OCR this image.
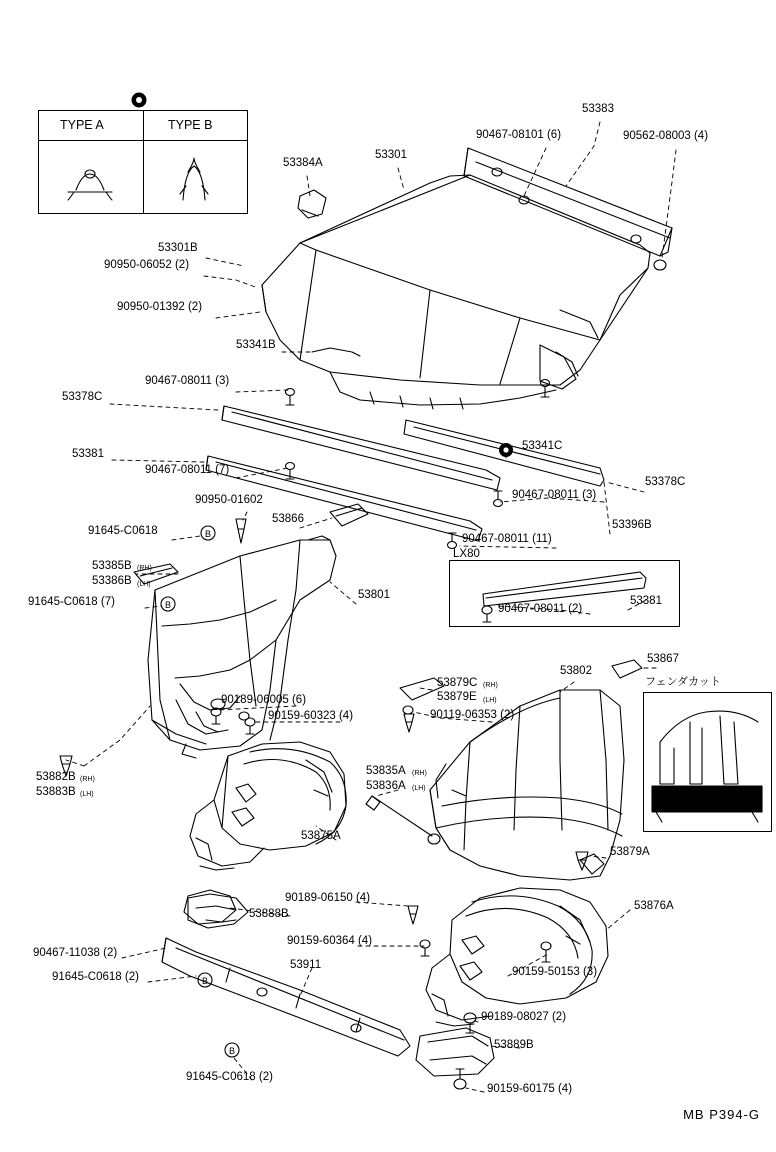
TYPE A	TYPE B
LX80
フェンダカット
B
B
B
B
53384A
53301
53383
90467-08101 (6)	90562-08003 (4)
53301B
90950-06052 (2)
90950-01392 (2)
53341B
90467-08011 (3)
53378C
53381
90467-08011 (7)
53341C
53378C
90467-08011 (3)
90950-01602
53866
91645-C0618
90467-08011 (11)
53396B
53385B
53386B
91645-C0618 (7)
53801
90467-08011 (2)
53381
53867
53802
53879C
53879E
90189-06005 (6)
90159-60323 (4)	90119-06353 (2)
53882B
53883B
53835A
53836A
53875A
53879A
53876A
90189-06150 (4)
53888B
90159-60364 (4)
53911
90467-11038 (2)
91645-C0618 (2)	90159-50153 (3)
91645-C0618 (2)
90189-08027 (2)
53889B
90159-60175 (4)
(RH)
(LH)
(RH)
(LH)
(RH)
(LH)
(RH)
(LH)
MB P394-G
